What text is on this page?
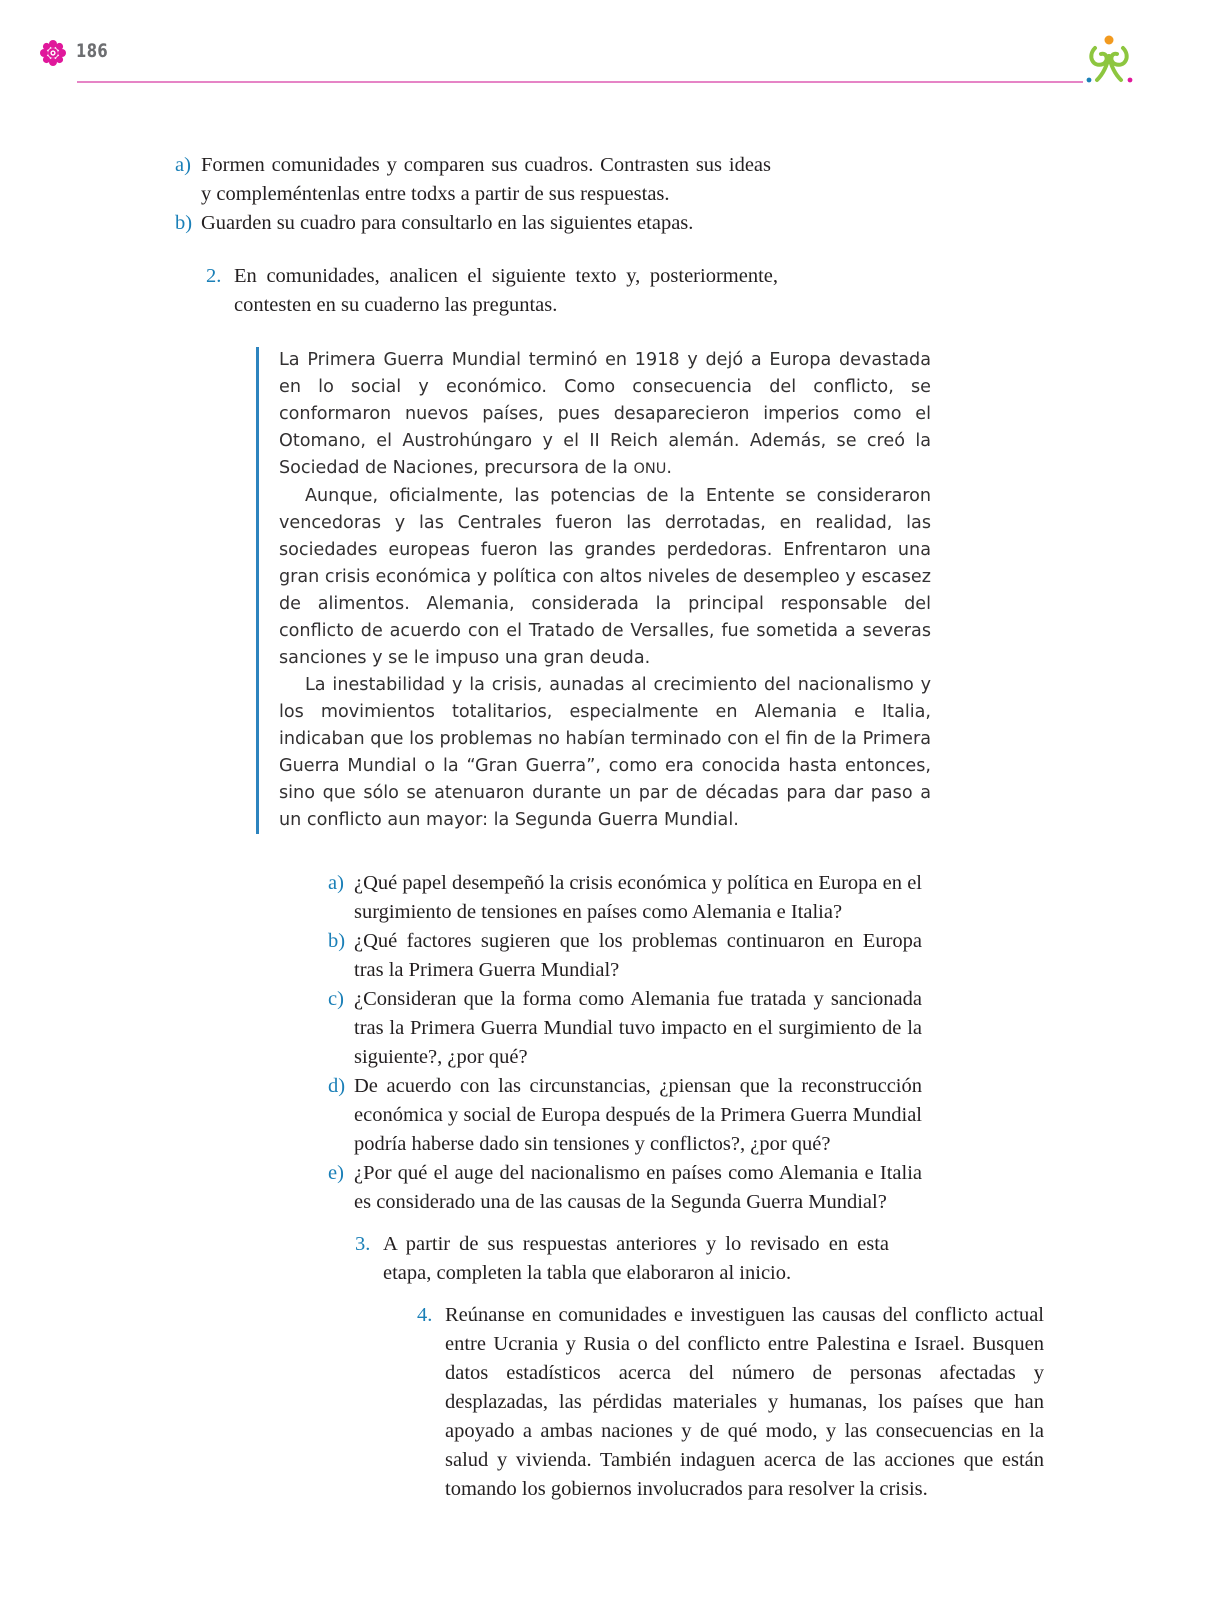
186
a) Formen comunidades y comparen sus cuadros. Contrasten sus ideas y compleméntenlas entre todxs a partir de sus respuestas.
b) Guarden su cuadro para consultarlo en las siguientes etapas.
2. En comunidades, analicen el siguiente texto y, posteriormente, contesten en su cuaderno las preguntas.

La Primera Guerra Mundial terminó en 1918 y dejó a Europa devastada en lo social y económico. Como consecuencia del conflicto, se conformaron nuevos países, pues desaparecieron imperios como el Otomano, el Austrohúngaro y el II Reich alemán. Además, se creó la Sociedad de Naciones, precursora de la ONU.

Aunque, oficialmente, las potencias de la Entente se consideraron vencedoras y las Centrales fueron las derrotadas, en realidad, las sociedades europeas fueron las grandes perdedoras. Enfrentaron una gran crisis económica y política con altos niveles de desempleo y escasez de alimentos. Alemania, considerada la principal responsable del conflicto de acuerdo con el Tratado de Versalles, fue sometida a severas sanciones y se le impuso una gran deuda.

La inestabilidad y la crisis, aunadas al crecimiento del nacionalismo y los movimientos totalitarios, especialmente en Alemania e Italia, indicaban que los problemas no habían terminado con el fin de la Primera Guerra Mundial o la “Gran Guerra”, como era conocida hasta entonces, sino que sólo se atenuaron durante un par de décadas para dar paso a un conflicto aun mayor: la Segunda Guerra Mundial.

a) ¿Qué papel desempeñó la crisis económica y política en Europa en el surgimiento de tensiones en países como Alemania e Italia?
b) ¿Qué factores sugieren que los problemas continuaron en Europa tras la Primera Guerra Mundial?
c) ¿Consideran que la forma como Alemania fue tratada y sancionada tras la Primera Guerra Mundial tuvo impacto en el surgimiento de la siguiente?, ¿por qué?
d) De acuerdo con las circunstancias, ¿piensan que la reconstrucción económica y social de Europa después de la Primera Guerra Mundial podría haberse dado sin tensiones y conflictos?, ¿por qué?
e) ¿Por qué el auge del nacionalismo en países como Alemania e Italia es considerado una de las causas de la Segunda Guerra Mundial?
3. A partir de sus respuestas anteriores y lo revisado en esta etapa, completen la tabla que elaboraron al inicio.
4. Reúnanse en comunidades e investiguen las causas del conflicto actual entre Ucrania y Rusia o del conflicto entre Palestina e Israel. Busquen datos estadísticos acerca del número de personas afectadas y desplazadas, las pérdidas materiales y humanas, los países que han apoyado a ambas naciones y de qué modo, y las consecuencias en la salud y vivienda. También indaguen acerca de las acciones que están tomando los gobiernos involucrados para resolver la crisis.
